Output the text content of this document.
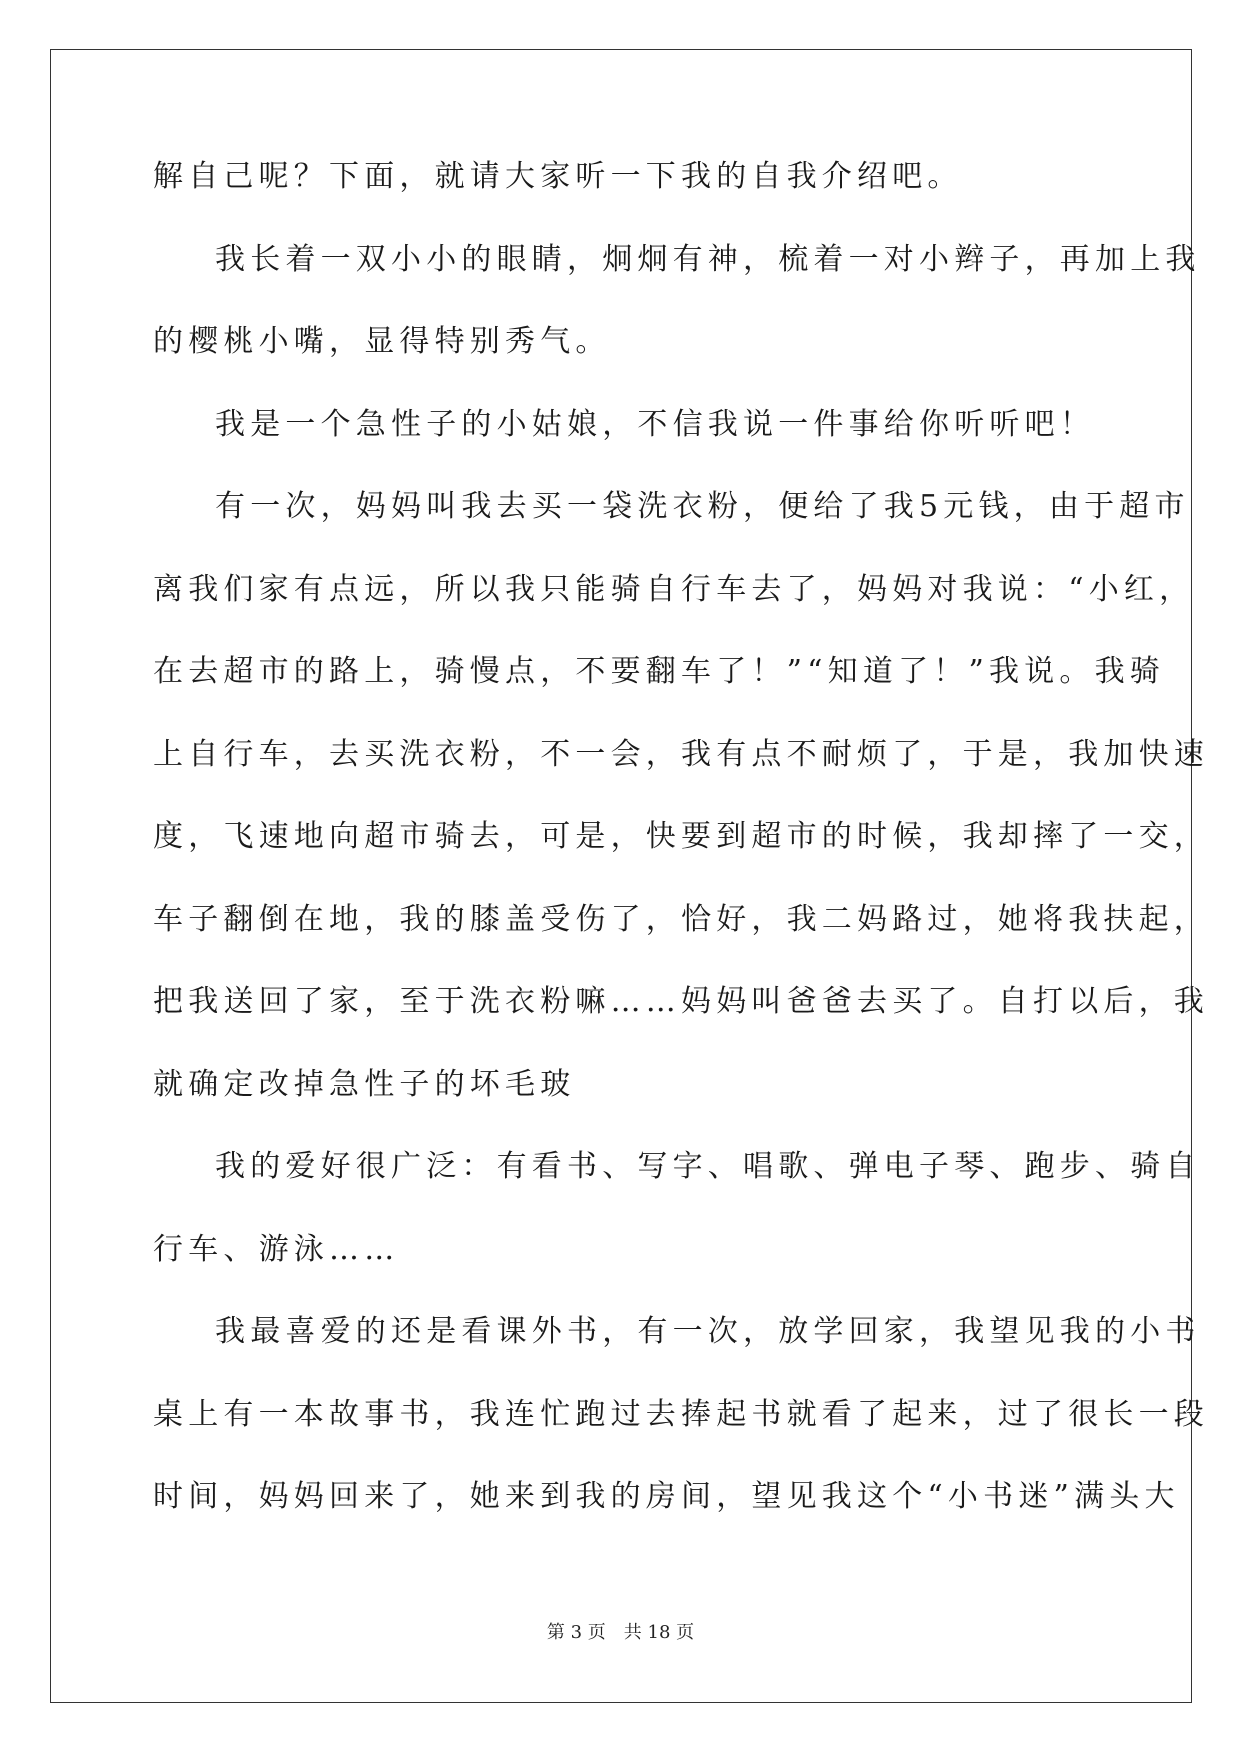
解自己呢？下面，就请大家听一下我的自我介绍吧。

我长着一双小小的眼睛，炯炯有神，梳着一对小辫子，再加上我

的樱桃小嘴，显得特别秀气。

我是一个急性子的小姑娘，不信我说一件事给你听听吧！

有一次，妈妈叫我去买一袋洗衣粉，便给了我5元钱，由于超市

离我们家有点远，所以我只能骑自行车去了，妈妈对我说：“小红，

在去超市的路上，骑慢点，不要翻车了！”“知道了！”我说。我骑

上自行车，去买洗衣粉，不一会，我有点不耐烦了，于是，我加快速

度，飞速地向超市骑去，可是，快要到超市的时候，我却摔了一交，

车子翻倒在地，我的膝盖受伤了，恰好，我二妈路过，她将我扶起，

把我送回了家，至于洗衣粉嘛……妈妈叫爸爸去买了。自打以后，我

就确定改掉急性子的坏毛玻

我的爱好很广泛：有看书、写字、唱歌、弹电子琴、跑步、骑自

行车、游泳……

我最喜爱的还是看课外书，有一次，放学回家，我望见我的小书

桌上有一本故事书，我连忙跑过去捧起书就看了起来，过了很长一段

时间，妈妈回来了，她来到我的房间，望见我这个“小书迷”满头大

第 3 页　共 18 页
